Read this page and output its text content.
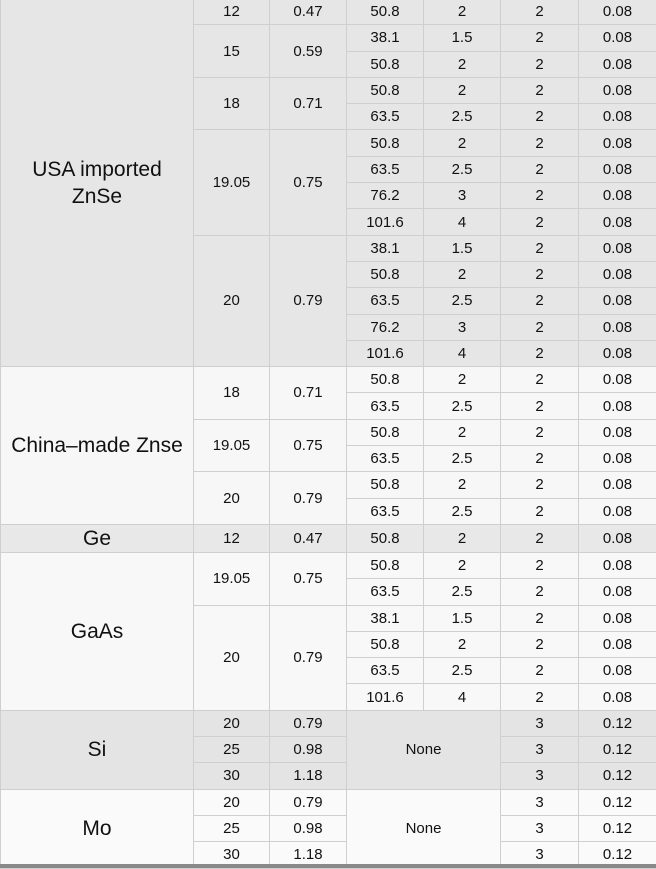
USA imported
ZnSe	12	0.47	50.8	2	2	0.08
	15	0.59	38.1	1.5	2	0.08
			50.8	2	2	0.08
	18	0.71	50.8	2	2	0.08
			63.5	2.5	2	0.08
	19.05	0.75	50.8	2	2	0.08
			63.5	2.5	2	0.08
			76.2	3	2	0.08
			101.6	4	2	0.08
	20	0.79	38.1	1.5	2	0.08
			50.8	2	2	0.08
			63.5	2.5	2	0.08
			76.2	3	2	0.08
			101.6	4	2	0.08
China–made Znse	18	0.71	50.8	2	2	0.08
			63.5	2.5	2	0.08
	19.05	0.75	50.8	2	2	0.08
			63.5	2.5	2	0.08
	20	0.79	50.8	2	2	0.08
			63.5	2.5	2	0.08
Ge	12	0.47	50.8	2	2	0.08
GaAs	19.05	0.75	50.8	2	2	0.08
			63.5	2.5	2	0.08
	20	0.79	38.1	1.5	2	0.08
			50.8	2	2	0.08
			63.5	2.5	2	0.08
			101.6	4	2	0.08
Si	20	0.79	None		3	0.12
	25	0.98			3	0.12
	30	1.18			3	0.12
Mo	20	0.79	None		3	0.12
	25	0.98			3	0.12
	30	1.18			3	0.12
